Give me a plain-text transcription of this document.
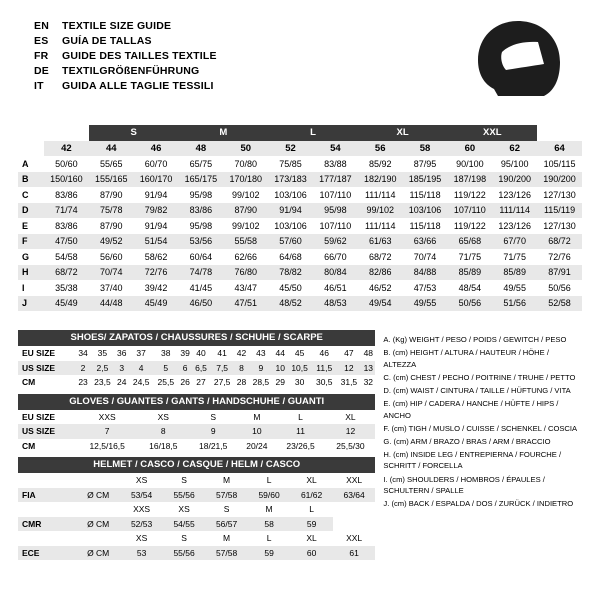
EN	TEXTILE SIZE GUIDE
ES	GUÍA DE TALLAS
FR	GUIDE DES TAILLES TEXTILE
DE	TEXTILGRÖßENFÜHRUNG
IT	GUIDA ALLE TAGLIE TESSILI
		S		M		L		XL		XXL		
	42	44	46	48	50	52	54	56	58	60	62	64
A	50/60	55/65	60/70	65/75	70/80	75/85	83/88	85/92	87/95	90/100	95/100	105/115
B	150/160	155/165	160/170	165/175	170/180	173/183	177/187	182/190	185/195	187/198	190/200	190/200
C	83/86	87/90	91/94	95/98	99/102	103/106	107/110	111/114	115/118	119/122	123/126	127/130
D	71/74	75/78	79/82	83/86	87/90	91/94	95/98	99/102	103/106	107/110	111/114	115/119
E	83/86	87/90	91/94	95/98	99/102	103/106	107/110	111/114	115/118	119/122	123/126	127/130
F	47/50	49/52	51/54	53/56	55/58	57/60	59/62	61/63	63/66	65/68	67/70	68/72
G	54/58	56/60	58/62	60/64	62/66	64/68	66/70	68/72	70/74	71/75	71/75	72/76
H	68/72	70/74	72/76	74/78	76/80	78/82	80/84	82/86	84/88	85/89	85/89	87/91
I	35/38	37/40	39/42	41/45	43/47	45/50	46/51	46/52	47/53	48/54	49/55	50/56
J	45/49	44/48	45/49	46/50	47/51	48/52	48/53	49/54	49/55	50/56	51/56	52/58
SHOES/ ZAPATOS / CHAUSSURES / SCHUHE / SCARPE
EU SIZE	34	35	36	37	38	39	40	41	42	43	44	45	46	47	48
US SIZE	2	2,5	3	4	5	6	6,5	7,5	8	9	10	10,5	11,5	12	13
CM	23	23,5	24	24,5	25,5	26	27	27,5	28	28,5	29	30	30,5	31,5	32
GLOVES / GUANTES / GANTS / HANDSCHUHE / GUANTI
EU SIZE	XXS	XS	S	M	L	XL
US SIZE	7	8	9	10	11	12
CM	12,5/16,5	16/18,5	18/21,5	20/24	23/26,5	25,5/30
HELMET / CASCO / CASQUE / HELM / CASCO
		XS	S	M	L	XL	XXL
FIA	Ø CM	53/54	55/56	57/58	59/60	61/62	63/64
		XXS	XS	S	M	L	
CMR	Ø CM	52/53	54/55	56/57	58	59	
		XS	S	M	L	XL	XXL
ECE	Ø CM	53	55/56	57/58	59	60	61
A. (Kg) WEIGHT / PESO / POIDS / GEWITCH / PESO
B. (cm) HEIGHT / ALTURA / HAUTEUR / HÖHE / ALTEZZA
C. (cm) CHEST / PECHO / POITRINE / TRUHE / PETTO
D. (cm) WAIST / CINTURA / TAILLE / HÜFTUNG / VITA
E. (cm) HIP / CADERA / HANCHE / HÜFTE / HIPS / ANCHO
F. (cm) TIGH / MUSLO / CUISSE / SCHENKEL / COSCIA
G. (cm) ARM / BRAZO / BRAS / ARM / BRACCIO
H. (cm) INSIDE LEG / ENTREPIERNA / FOURCHE / SCHRITT / FORCELLA
I. (cm) SHOULDERS / HOMBROS / ÉPAULES / SCHULTERN / SPALLE
J. (cm) BACK / ESPALDA / DOS / ZURÜCK / INDIETRO
